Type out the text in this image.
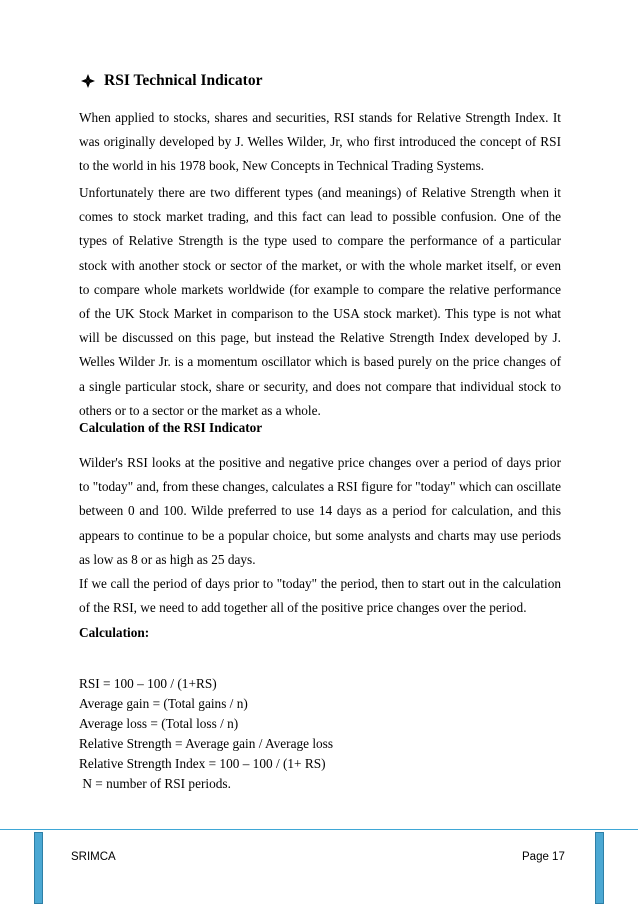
RSI Technical Indicator

When applied to stocks, shares and securities, RSI stands for Relative Strength Index. It was originally developed by J. Welles Wilder, Jr, who first introduced the concept of RSI to the world in his 1978 book, New Concepts in Technical Trading Systems.

Unfortunately there are two different types (and meanings) of Relative Strength when it comes to stock market trading, and this fact can lead to possible confusion. One of the types of Relative Strength is the type used to compare the performance of a particular stock with another stock or sector of the market, or with the whole market itself, or even to compare whole markets worldwide (for example to compare the relative performance of the UK Stock Market in comparison to the USA stock market). This type is not what will be discussed on this page, but instead the Relative Strength Index developed by J. Welles Wilder Jr. is a momentum oscillator which is based purely on the price changes of a single particular stock, share or security, and does not compare that individual stock to others or to a sector or the market as a whole.

Calculation of the RSI Indicator

Wilder's RSI looks at the positive and negative price changes over a period of days prior to "today" and, from these changes, calculates a RSI figure for "today" which can oscillate between 0 and 100. Wilde preferred to use 14 days as a period for calculation, and this appears to continue to be a popular choice, but some analysts and charts may use periods as low as 8 or as high as 25 days.

If we call the period of days prior to "today" the period, then to start out in the calculation of the RSI, we need to add together all of the positive price changes over the period.

Calculation:
RSI = 100 – 100 / (1+RS)
Average gain = (Total gains / n)
Average loss = (Total loss / n)
Relative Strength = Average gain / Average loss
Relative Strength Index = 100 – 100 / (1+ RS)
N = number of RSI periods.
SRIMCA	Page 17
